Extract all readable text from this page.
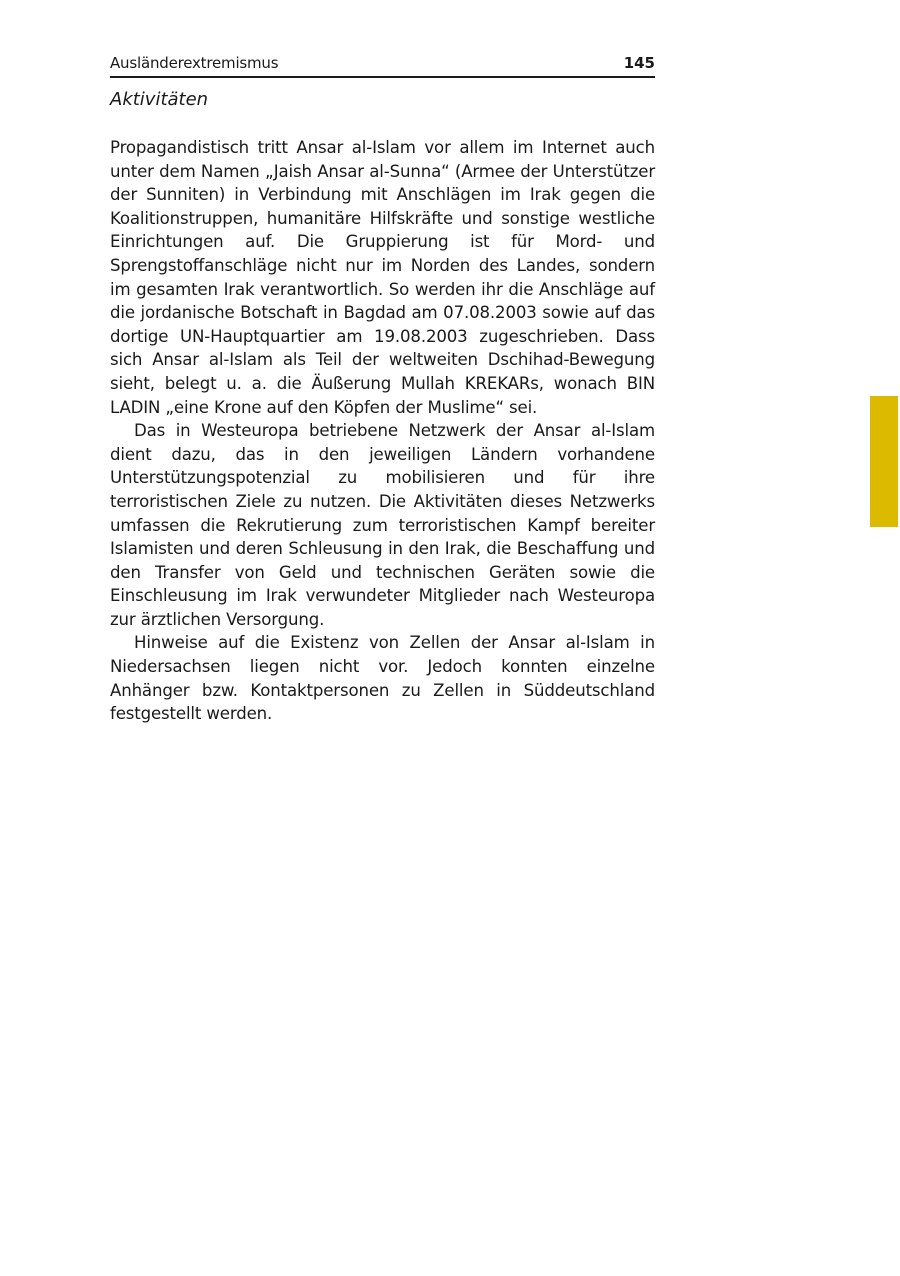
Ausländerextremismus	145
Aktivitäten

Propagandistisch tritt Ansar al-Islam vor allem im Internet auch unter dem Namen „Jaish Ansar al-Sunna“ (Armee der Unterstützer der Sunniten) in Verbindung mit Anschlägen im Irak gegen die Koalitionstruppen, humanitäre Hilfskräfte und sonstige westliche Einrichtungen auf. Die Gruppierung ist für Mord- und Sprengstoffanschläge nicht nur im Norden des Landes, sondern im gesamten Irak verantwortlich. So werden ihr die Anschläge auf die jordanische Botschaft in Bagdad am 07.08.2003 sowie auf das dortige UN-Hauptquartier am 19.08.2003 zugeschrieben. Dass sich Ansar al-Islam als Teil der weltweiten Dschihad-Bewegung sieht, belegt u. a. die Äußerung Mullah KREKARs, wonach BIN LADIN „eine Krone auf den Köpfen der Muslime“ sei.

Das in Westeuropa betriebene Netzwerk der Ansar al-Islam dient dazu, das in den jeweiligen Ländern vorhandene Unterstützungspotenzial zu mobilisieren und für ihre terroristischen Ziele zu nutzen. Die Aktivitäten dieses Netzwerks umfassen die Rekrutierung zum terroristischen Kampf bereiter Islamisten und deren Schleusung in den Irak, die Beschaffung und den Transfer von Geld und technischen Geräten sowie die Einschleusung im Irak verwundeter Mitglieder nach Westeuropa zur ärztlichen Versorgung.

Hinweise auf die Existenz von Zellen der Ansar al-Islam in Niedersachsen liegen nicht vor. Jedoch konnten einzelne Anhänger bzw. Kontaktpersonen zu Zellen in Süddeutschland festgestellt werden.
